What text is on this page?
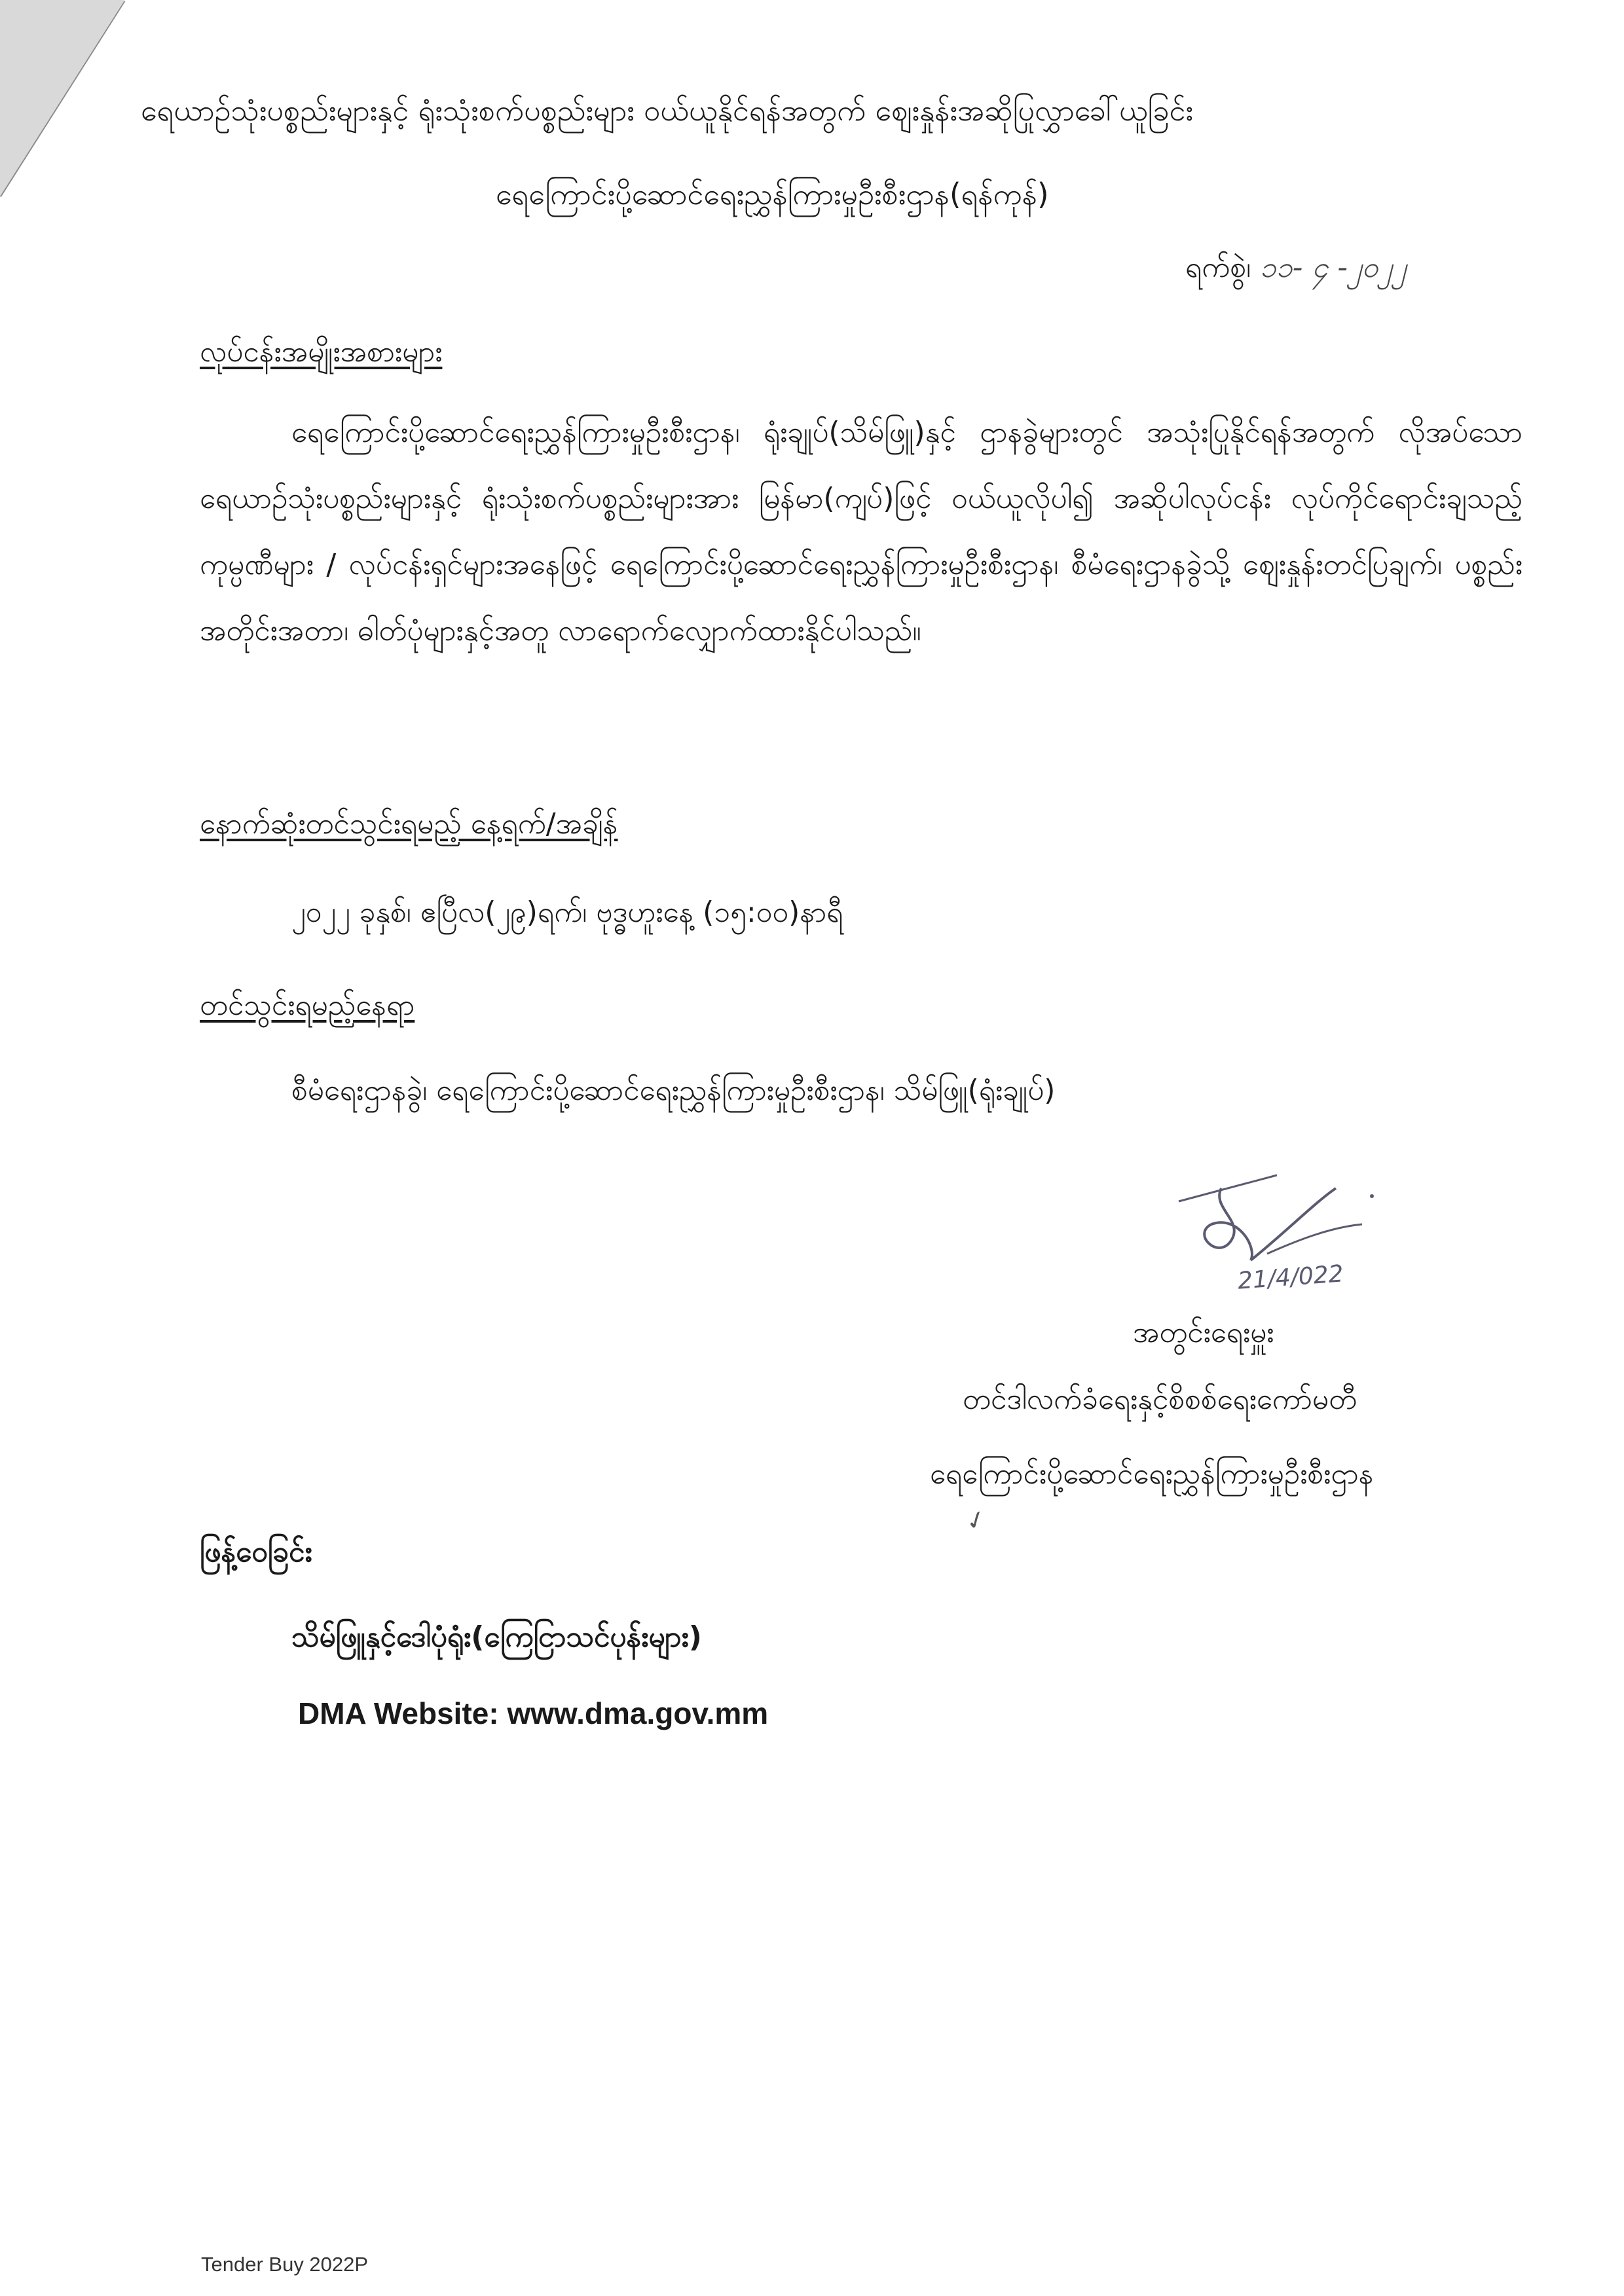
ရေယာဉ်သုံးပစ္စည်းများနှင့် ရုံးသုံးစက်ပစ္စည်းများ ဝယ်ယူနိုင်ရန်အတွက် ဈေးနှုန်းအဆိုပြုလွှာခေါ်ယူခြင်း
ရေကြောင်းပို့ဆောင်ရေးညွှန်ကြားမှုဦးစီးဌာန(ရန်ကုန်)
ရက်စွဲ၊ ၁၁- ၄ -၂၀၂၂
လုပ်ငန်းအမျိုးအစားများ
ရေကြောင်းပို့ဆောင်ရေးညွှန်ကြားမှုဦးစီးဌာန၊ ရုံးချုပ်(သိမ်ဖြူ)နှင့် ဌာနခွဲများတွင် အသုံးပြုနိုင်ရန်အတွက် လိုအပ်သော ရေယာဉ်သုံးပစ္စည်းများနှင့် ရုံးသုံးစက်ပစ္စည်းများအား မြန်မာ(ကျပ်)ဖြင့် ဝယ်ယူလိုပါ၍ အဆိုပါလုပ်ငန်း လုပ်ကိုင်ရောင်းချသည့် ကုမ္ပဏီများ / လုပ်ငန်းရှင်များအနေဖြင့် ရေကြောင်းပို့ဆောင်ရေးညွှန်ကြားမှုဦးစီးဌာန၊ စီမံရေးဌာနခွဲသို့ ဈေးနှုန်းတင်ပြချက်၊ ပစ္စည်းအတိုင်းအတာ၊ ဓါတ်ပုံများနှင့်အတူ လာရောက်လျှောက်ထားနိုင်ပါသည်။
နောက်ဆုံးတင်သွင်းရမည့် နေ့ရက်/အချိန်
၂၀၂၂ ခုနှစ်၊ ဧပြီလ(၂၉)ရက်၊ ဗုဒ္ဓဟူးနေ့ (၁၅:၀၀)နာရီ
တင်သွင်းရမည့်နေရာ
စီမံရေးဌာနခွဲ၊ ရေကြောင်းပို့ဆောင်ရေးညွှန်ကြားမှုဦးစီးဌာန၊ သိမ်ဖြူ(ရုံးချုပ်)
21/4/022
အတွင်းရေးမှူး
တင်ဒါလက်ခံရေးနှင့်စိစစ်ရေးကော်မတီ
ရေကြောင်းပို့ဆောင်ရေးညွှန်ကြားမှုဦးစီးဌာန
✓
ဖြန့်ဝေခြင်း
သိမ်ဖြူနှင့်ဒေါပုံရုံး(ကြေငြာသင်ပုန်းများ)
DMA Website: www.dma.gov.mm
Tender Buy 2022P
